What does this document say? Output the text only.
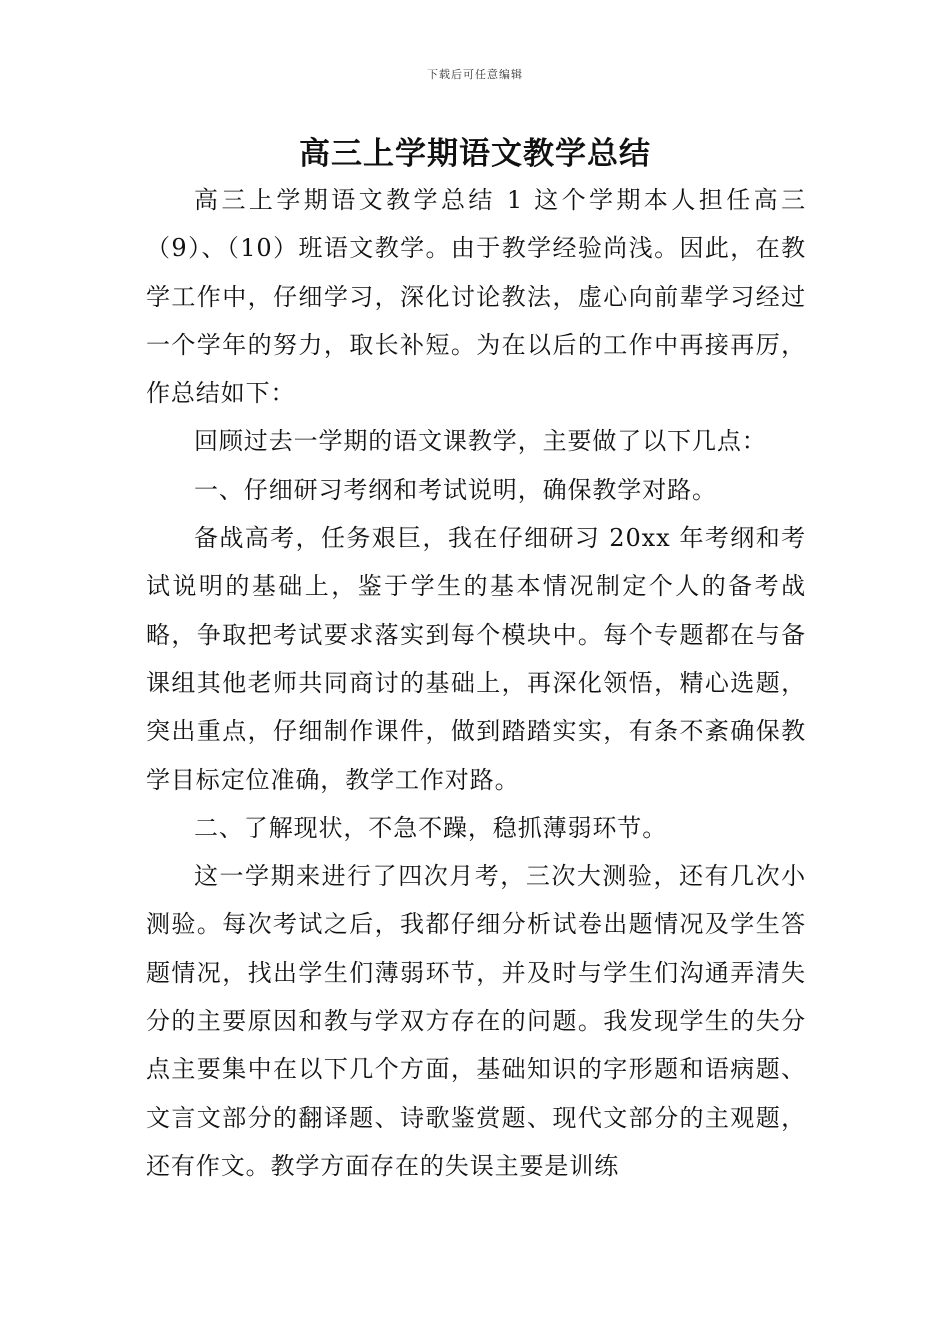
下载后可任意编辑
高三上学期语文教学总结

高三上学期语文教学总结 1 这个学期本人担任高三（9）、（10）班语文教学。由于教学经验尚浅。因此，在教学工作中，仔细学习，深化讨论教法，虚心向前辈学习经过一个学年的努力，取长补短。为在以后的工作中再接再厉，作总结如下：

回顾过去一学期的语文课教学，主要做了以下几点：

一、仔细研习考纲和考试说明，确保教学对路。

备战高考，任务艰巨，我在仔细研习 20xx 年考纲和考试说明的基础上，鉴于学生的基本情况制定个人的备考战略，争取把考试要求落实到每个模块中。每个专题都在与备课组其他老师共同商讨的基础上，再深化领悟，精心选题，突出重点，仔细制作课件，做到踏踏实实，有条不紊确保教学目标定位准确，教学工作对路。

二、了解现状，不急不躁，稳抓薄弱环节。

这一学期来进行了四次月考，三次大测验，还有几次小测验。每次考试之后，我都仔细分析试卷出题情况及学生答题情况，找出学生们薄弱环节，并及时与学生们沟通弄清失分的主要原因和教与学双方存在的问题。我发现学生的失分点主要集中在以下几个方面，基础知识的字形题和语病题、文言文部分的翻译题、诗歌鉴赏题、现代文部分的主观题，还有作文。教学方面存在的失误主要是训练
